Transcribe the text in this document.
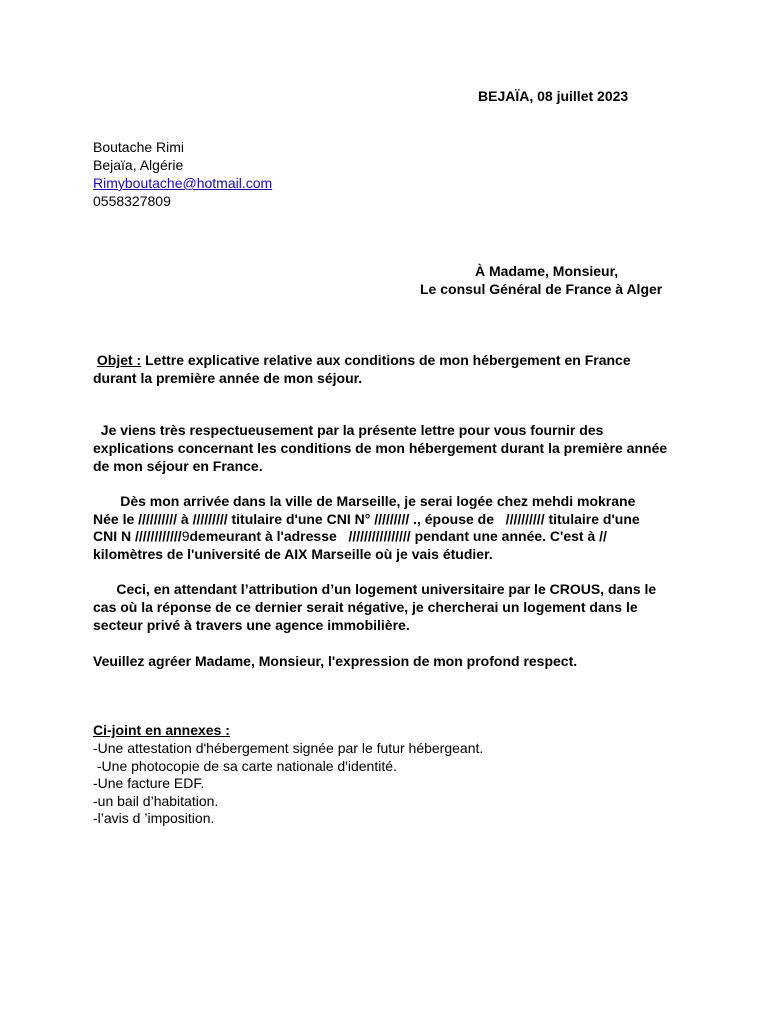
BEJAÏA, 08 juillet 2023
Boutache Rimi
Bejaïa, Algérie
Rimyboutache@hotmail.com
0558327809
À Madame, Monsieur,
Le consul Général de France à Alger
Objet : Lettre explicative relative aux conditions de mon hébergement en France
durant la première année de mon séjour.
Je viens très respectueusement par la présente lettre pour vous fournir des
explications concernant les conditions de mon hébergement durant la première année
de mon séjour en France.
Dès mon arrivée dans la ville de Marseille, je serai logée chez mehdi mokrane
Née le ////////// à ///////// titulaire d'une CNI N° ///////// ., épouse de   ////////// titulaire d'une
CNI N ////////////9demeurant à l'adresse   //////////////// pendant une année. C'est à //
kilomètres de l'université de AIX Marseille où je vais étudier.
Ceci, en attendant l’attribution d’un logement universitaire par le CROUS, dans le
cas où la réponse de ce dernier serait négative, je chercherai un logement dans le
secteur privé à travers une agence immobilière.
Veuillez agréer Madame, Monsieur, l'expression de mon profond respect.
Ci-joint en annexes :
-Une attestation d'hébergement signée par le futur hébergeant.
-Une photocopie de sa carte nationale d'identité.
-Une facture EDF.
-un bail d’habitation.
-l’avis d ’imposition.
